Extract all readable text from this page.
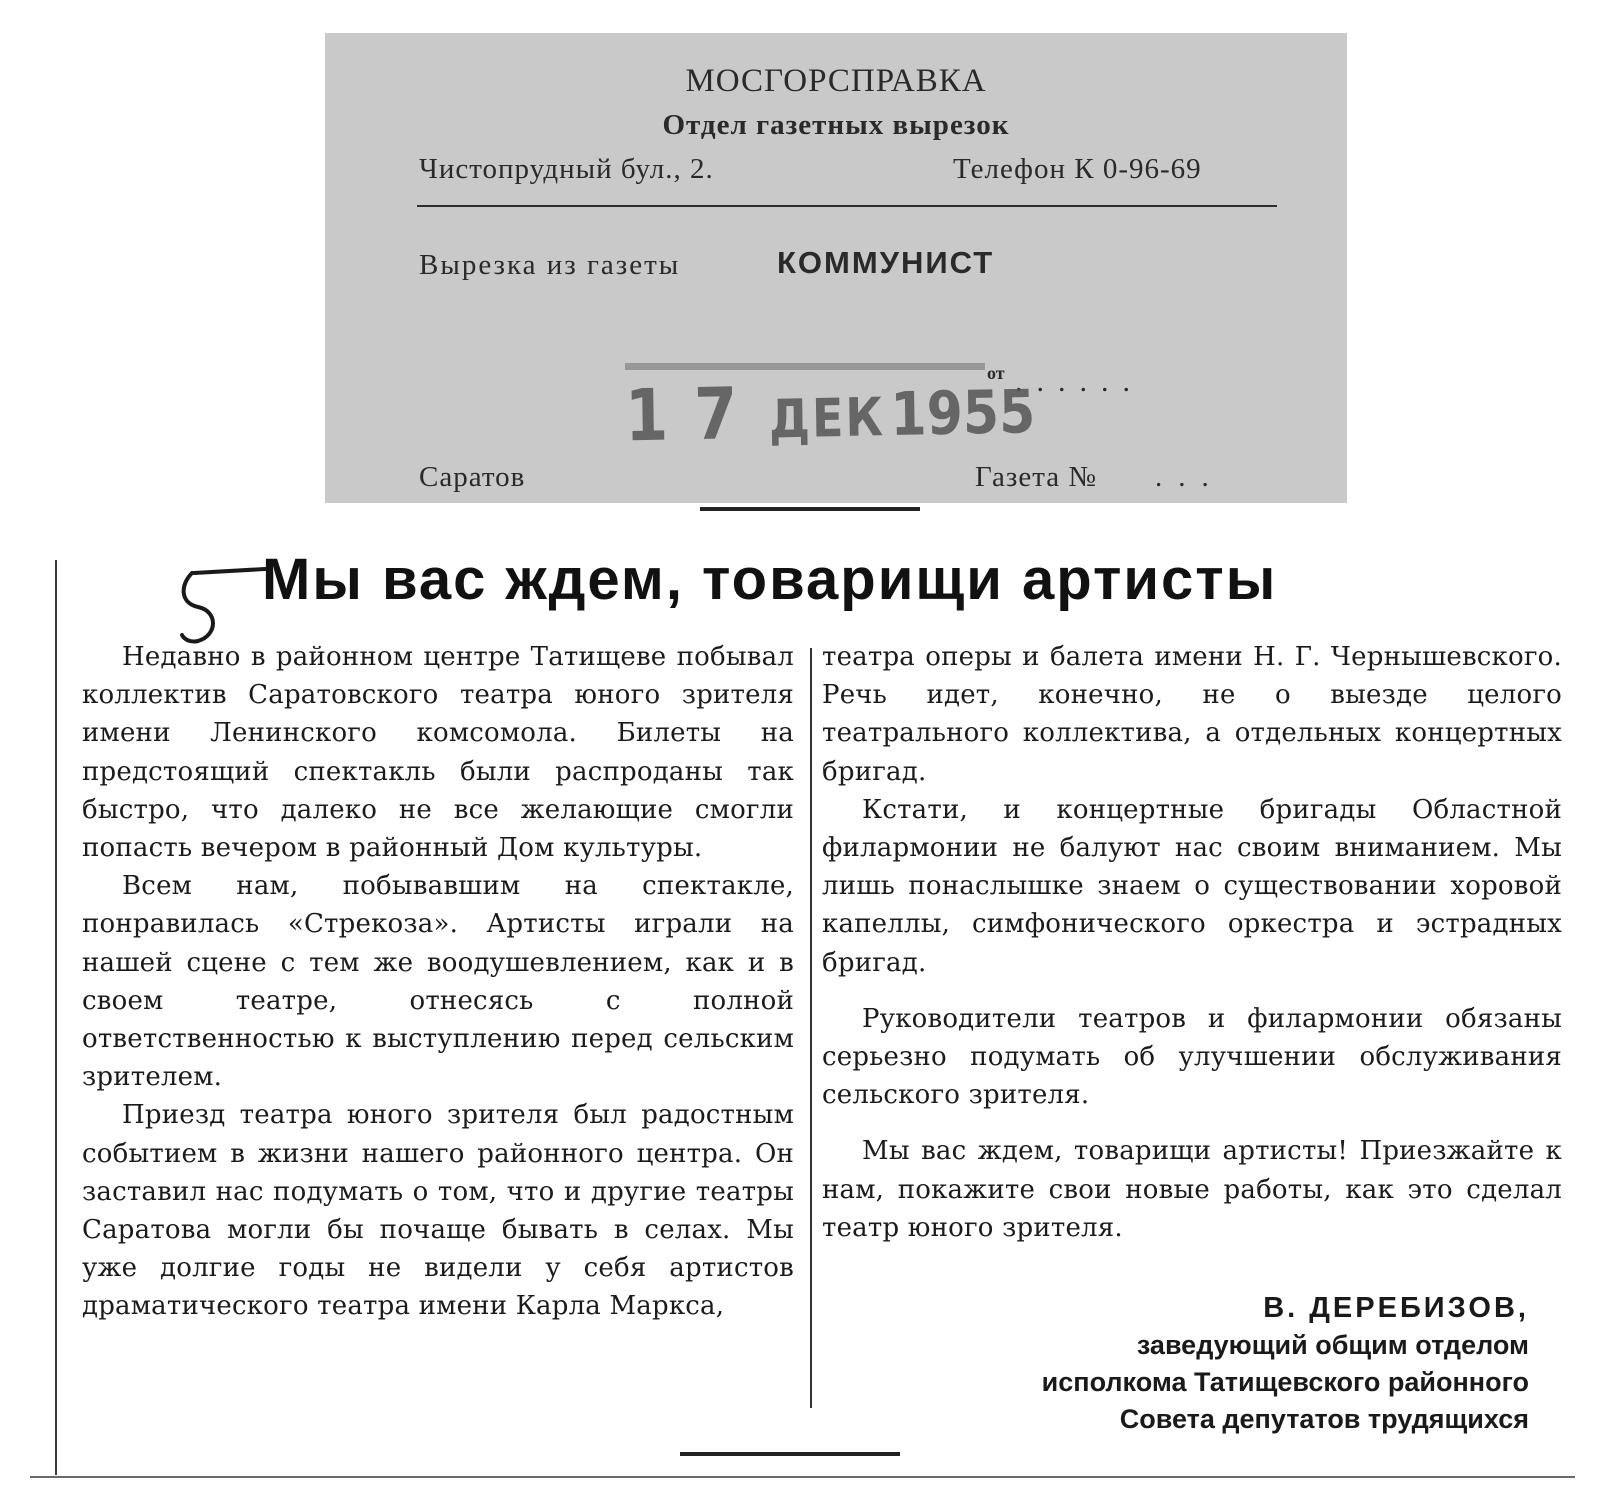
МОСГОРСПРАВКА
Отдел газетных вырезок
Чистопрудный бул., 2.	Телефон К 0-96-69
Вырезка из газеты	КОММУНИСТ
от ......
17 ДЕК 1955
Саратов	Газета № ...
Мы вас ждем, товарищи артисты

Недавно в районном центре Татищеве побывал коллектив Саратовского театра юного зрителя имени Ленинского комсомола. Билеты на предстоящий спектакль были распроданы так быстро, что далеко не все желающие смогли попасть вечером в районный Дом культуры.

Всем нам, побывавшим на спектакле, понравилась «Стрекоза». Артисты играли на нашей сцене с тем же воодушевлением, как и в своем театре, отнесясь с полной ответственностью к выступлению перед сельским зрителем.

Приезд театра юного зрителя был радостным событием в жизни нашего районного центра. Он заставил нас подумать о том, что и другие театры Саратова могли бы почаще бывать в селах. Мы уже долгие годы не видели у себя артистов драматического театра имени Карла Маркса,

театра оперы и балета имени Н. Г. Чернышевского. Речь идет, конечно, не о выезде целого театрального коллектива, а отдельных концертных бригад.

Кстати, и концертные бригады Областной филармонии не балуют нас своим вниманием. Мы лишь понаслышке знаем о существовании хоровой капеллы, симфонического оркестра и эстрадных бригад.

Руководители театров и филармонии обязаны серьезно подумать об улучшении обслуживания сельского зрителя.

Мы вас ждем, товарищи артисты! Приезжайте к нам, покажите свои новые работы, как это сделал театр юного зрителя.

В. ДЕРЕБИЗОВ,
заведующий общим отделом
исполкома Татищевского районного
Совета депутатов трудящихся
